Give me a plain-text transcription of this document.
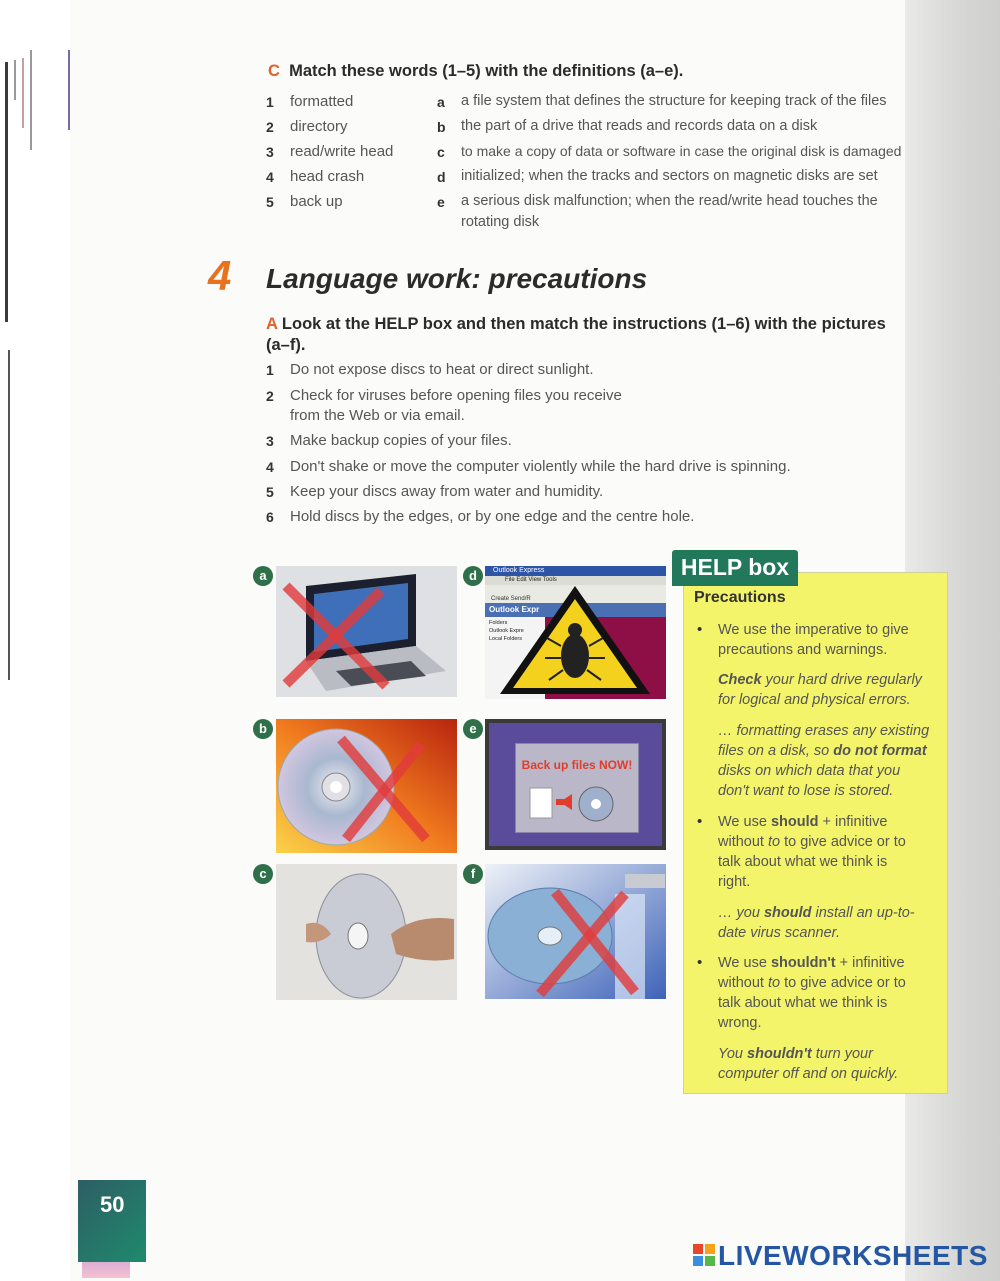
C Match these words (1–5) with the definitions (a–e).
1 formatted
2 directory
3 read/write head
4 head crash
5 back up
a a file system that defines the structure for keeping track of the files
b the part of a drive that reads and records data on a disk
c to make a copy of data or software in case the original disk is damaged
d initialized; when the tracks and sectors on magnetic disks are set
e a serious disk malfunction; when the read/write head touches the
rotating disk
4 Language work: precautions
A Look at the HELP box and then match the instructions (1–6) with the pictures (a–f).
1 Do not expose discs to heat or direct sunlight.
2 Check for viruses before opening files you receive
from the Web or via email.
3 Make backup copies of your files.
4 Don't shake or move the computer violently while the hard drive is spinning.
5 Keep your discs away from water and humidity.
6 Hold discs by the edges, or by one edge and the centre hole.
a
b
c
d	Outlook Express
File Edit View Tools
Create Send/R
Outlook Expr
Folders
Outlook Expre
Local Folders
e
Back up files NOW!
f
Precautions
• We use the imperative to give precautions and warnings.
Check your hard drive regularly for logical and physical errors.
… formatting erases any existing files on a disk, so do not format disks on which data that you don't want to lose is stored.
• We use should + infinitive without to to give advice or to talk about what we think is right.
… you should install an up-to-date virus scanner.
• We use shouldn't + infinitive without to to give advice or to talk about what we think is wrong.
You shouldn't turn your computer off and on quickly.
HELP box
50
LIVEWORKSHEETS
